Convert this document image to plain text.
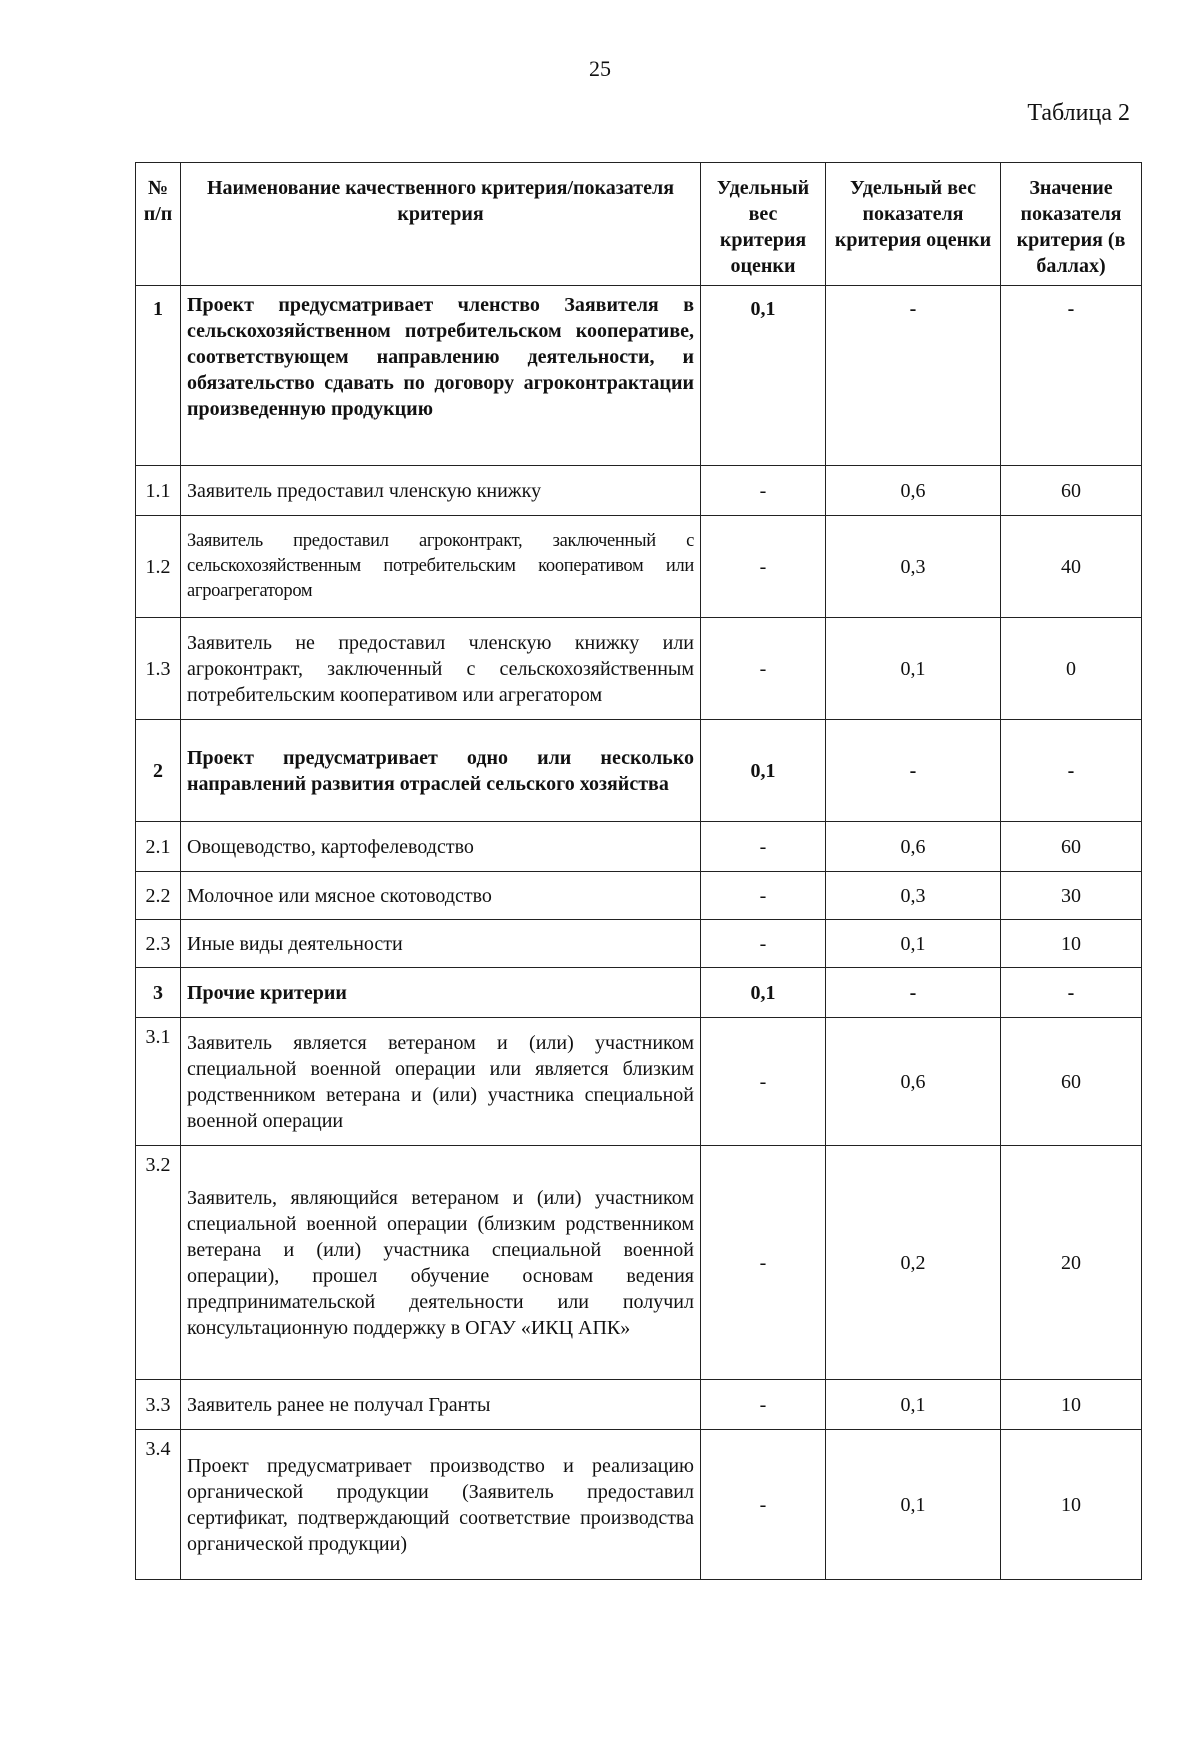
25
Таблица 2
№ п/п	Наименование качественного критерия/показателя критерия	Удельный вес критерия оценки	Удельный вес показателя критерия оценки	Значение показателя критерия (в баллах)
1	Проект предусматривает членство Заявителя в сельскохозяйственном потребительском кооперативе, соответствующем направлению деятельности, и обязательство сдавать по договору агроконтрактации произведенную продукцию	0,1	-	-
1.1	Заявитель предоставил членскую книжку	-	0,6	60
1.2	Заявитель предоставил агроконтракт, заключенный с сельскохозяйственным потребительским кооперативом или агроагрегатором	-	0,3	40
1.3	Заявитель не предоставил членскую книжку или агроконтракт, заключенный с сельскохозяйственным потребительским кооперативом или агрегатором	-	0,1	0
2	Проект предусматривает одно или несколько направлений развития отраслей сельского хозяйства	0,1	-	-
2.1	Овощеводство, картофелеводство	-	0,6	60
2.2	Молочное или мясное скотоводство	-	0,3	30
2.3	Иные виды деятельности	-	0,1	10
3	Прочие критерии	0,1	-	-
3.1	Заявитель является ветераном и (или) участником специальной военной операции или является близким родственником ветерана и (или) участника специальной военной операции	-	0,6	60
3.2	Заявитель, являющийся ветераном и (или) участником специальной военной операции (близким родственником ветерана и (или) участника специальной военной операции), прошел обучение основам ведения предпринимательской деятельности или получил консультационную поддержку в ОГАУ «ИКЦ АПК»	-	0,2	20
3.3	Заявитель ранее не получал Гранты	-	0,1	10
3.4	Проект предусматривает производство и реализацию органической продукции (Заявитель предоставил сертификат, подтверждающий соответствие производства органической продукции)	-	0,1	10
